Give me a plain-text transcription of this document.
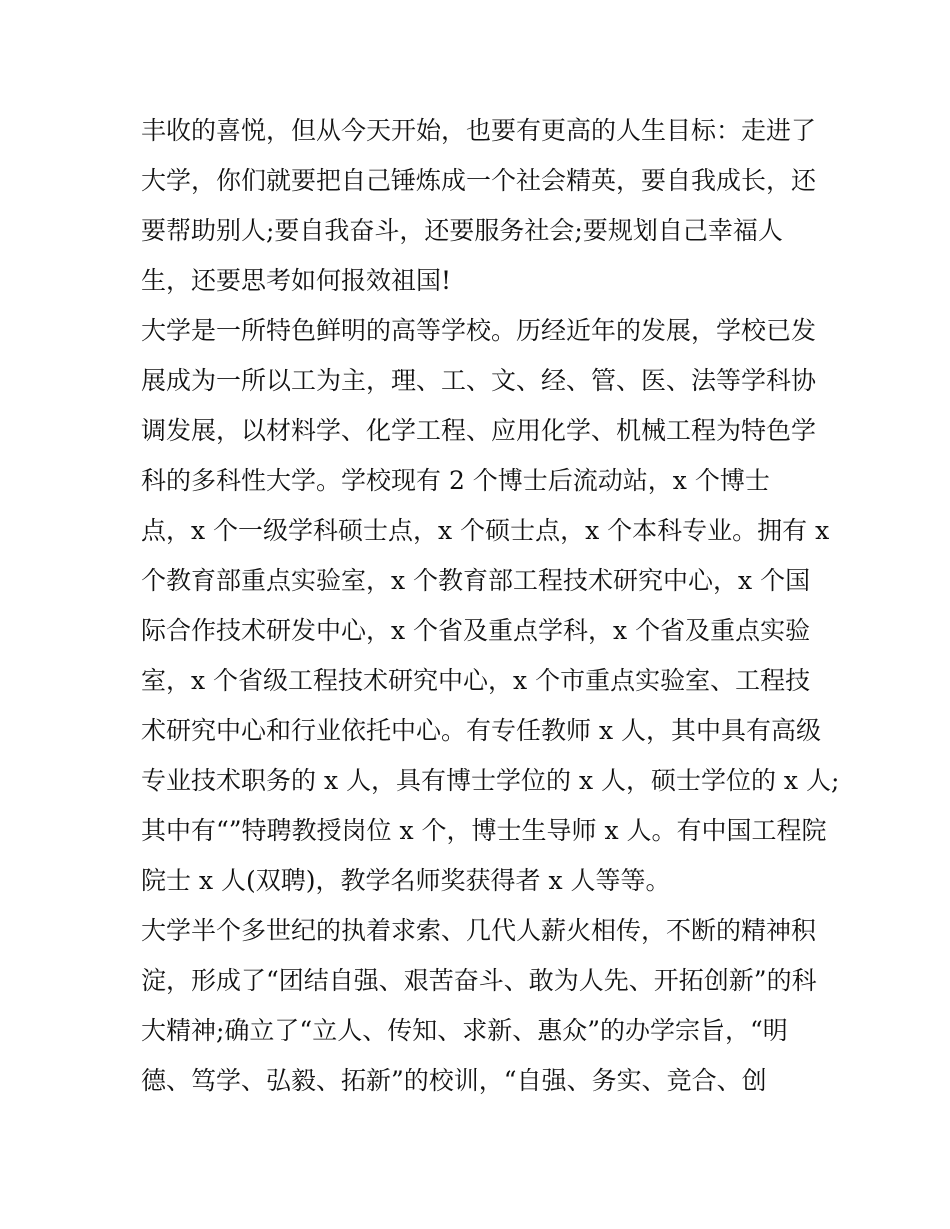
丰收的喜悦，但从今天开始，也要有更高的人生目标：走进了
大学，你们就要把自己锤炼成一个社会精英，要自我成长，还
要帮助别人;要自我奋斗，还要服务社会;要规划自己幸福人
生，还要思考如何报效祖国!
大学是一所特色鲜明的高等学校。历经近年的发展，学校已发
展成为一所以工为主，理、工、文、经、管、医、法等学科协
调发展，以材料学、化学工程、应用化学、机械工程为特色学
科的多科性大学。学校现有 2 个博士后流动站，x 个博士
点，x 个一级学科硕士点，x 个硕士点，x 个本科专业。拥有 x
个教育部重点实验室，x 个教育部工程技术研究中心，x 个国
际合作技术研发中心，x 个省及重点学科，x 个省及重点实验
室，x 个省级工程技术研究中心，x 个市重点实验室、工程技
术研究中心和行业依托中心。有专任教师 x 人，其中具有高级
专业技术职务的 x 人，具有博士学位的 x 人，硕士学位的 x 人;
其中有“”特聘教授岗位 x 个，博士生导师 x 人。有中国工程院
院士 x 人(双聘)，教学名师奖获得者 x 人等等。
大学半个多世纪的执着求索、几代人薪火相传，不断的精神积
淀，形成了“团结自强、艰苦奋斗、敢为人先、开拓创新”的科
大精神;确立了“立人、传知、求新、惠众”的办学宗旨，“明
德、笃学、弘毅、拓新”的校训，“自强、务实、竞合、创
